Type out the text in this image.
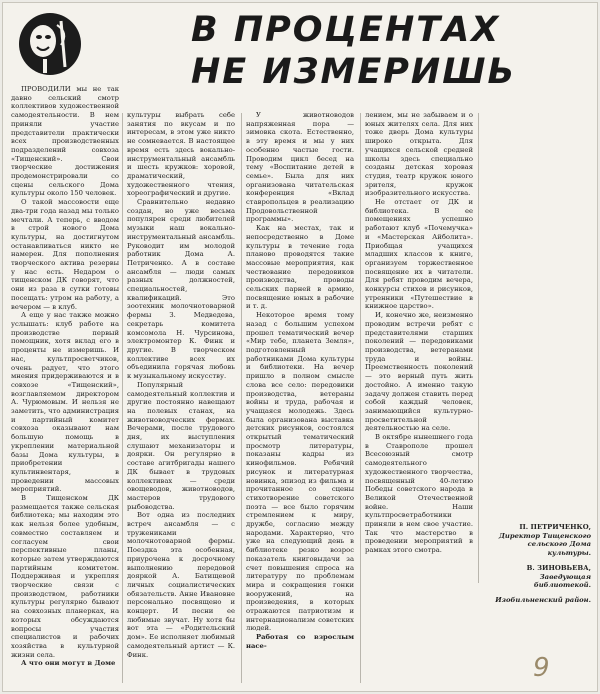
В ПРОЦЕНТАХ
НЕ ИЗМЕРИШЬ

ПРОВОДИЛИ мы не так давно сельский смотр коллективов художественной самодеятельности. В нем приняли участие представители практически всех производственных подразделений совхоза «Тищенский». Свои творческие достижения продемонстрировали со сцены сельского Дома культуры около 150 человек.

О такой массовости еще два-три года назад мы только мечтали. А теперь, с вводом в строй нового Дома культуры, на достигнутом останавливаться никто не намерен. Для пополнения творческого актива резервы у нас есть. Недаром о тищенском ДК говорят, что они из раза в сутки готовы посещать: утром на работу, а вечером — в клуб.

А еще у нас также можно услышать: клуб работе на производстве первый помощник, хотя вклад его в проценты не измеришь. И нас, культпросветчиков, очень радует, что этого мнения придерживаются и в совхозе «Тищенский», возглавляемом директором А. Чурюмовым. И нельзя не заметить, что администрация и партийный комитет совхоза оказывают нам большую помощь в укреплении материальной базы Дома культуры, в приобретении культинвентаря, в проведении массовых мероприятий.

В Тищенском ДК размещается также сельская библиотека; мы находим это как нельзя более удобным, совместно составляем и согласуем свои перспективные планы, которые затем утверждаются партийным комитетом. Поддерживая и укрепляя творческие связи с производством, работники культуры регулярно бывают на совхозных планерках, на которых обсуждаются вопросы участия специалистов и рабочих хозяйства в культурной жизни села.

А что они могут в Доме

культуры выбрать себе занятия по вкусам и по интересам, в этом уже никто не сомневается. В настоящее время есть здесь вокально-инструментальный ансамбль и шесть кружков: хоровой, драматический, художественного чтения, хореографический и другие.

Сравнительно недавно создан, но уже весьма популярен среди любителей музыки наш вокально-инструментальный ансамбль. Руководит им молодой работник Дома А. Петриченко. А в составе ансамбля — люди самых разных должностей, специальностей, квалификаций. Это зоотехник молочнотоварной фермы З. Медведева, секретарь комитета комсомола Н. Чурсинова, электромонтер К. Финк и другие. В творческом коллективе всех их объединила горячая любовь к музыкальному искусству.

Популярный самодеятельный коллектив и другие постоянно навещают на полевых станах, на животноводческих фермах. Вечерами, после трудового дня, их выступления слушают механизаторы и доярки. Он регулярно в составе агитбригады нашего ДК бывает в трудовых коллективах — среди овощеводов, животноводов, мастеров трудового рыбоводства.

Вот одна из последних встреч ансамбля — с тружениками молочнотоварной фермы. Поездка эта особенная, приурочена к досрочному выполнению передовой дояркой А. Батищевой личных социалистических обязательств. Анне Ивановне персонально посвящено и концерт. И песни ее любимые звучат. Ну хотя бы вот эта — «Родительский дом». Ее исполняет любимый самодеятельный артист — К. Финк.

У животноводов напряженная пора — зимовка скота. Естественно, в эту время и мы у них особенно частые гости. Проводим цикл бесед на тему «Воспитание детей в семье». Была для них организована читательская конференция «Вклад ставропольцев в реализацию Продовольственной программы».

Как на местах, так и непосредственно в Доме культуры в течение года планово проводятся такие массовые мероприятия, как чествование передовиков производства, проводы сельских парней в армию, посвящение юных в рабочие и т. д.

Некоторое время тому назад с большим успехом прошел тематический вечер «Мир тебе, планета Земля», подготовленный работниками Дома культуры и библиотеки. На вечер пришло в полном смысле слова все село: передовики производства, ветераны войны и труда, рабочая и учащаяся молодежь. Здесь была организована выставка детских рисунков, состоялся открытый тематический просмотр литературы, показаны кадры из кинофильмов. Ребячий рисунок и литературная новинка, эпизод из фильма и прочитанное со сцены стихотворение советского поэта — все было горячим стремлением к миру, дружбе, согласию между народами. Характерно, что уже на следующий день в библиотеке резко возрос показатель книговыдачи за счет повышения спроса на литературу по проблемам мира и сокращения гонки вооружений, на произведения, в которых отражаются патриотизм и интернационализм советских людей.

Работая со взрослым насе-

лением, мы не забываем и о юных жителях села. Для них тоже дверь Дома культуры широко открыта. Для учащихся сельской средней школы здесь специально созданы детская хоровая студия, театр кружок юного зрителя, кружок изобразительного искусства.

Не отстает от ДК и библиотека. В ее помещениях успешно работают клуб «Почемучка» и «Мастерская Айболита». Приобщая учащихся младших классов к книге, организуем торжественное посвящение их в читатели. Для ребят проводим вечера, конкурсы стихов и рисунков, утренники «Путешествие в книжное царство».

И, конечно же, неизменно проводим встречи ребят с представителями старших поколений — передовиками производства, ветеранами труда и войны. Преемственность поколений — это верный путь жить достойно. А именно такую задачу должен ставить перед собой каждый человек, занимающийся культурно-просветительной деятельностью на селе.

В октябре нынешнего года в Ставрополе прошел Всесоюзный смотр самодеятельного художественного творчества, посвященный 40-летию Победы советского народа в Великой Отечественной войне. Наши культпросветработники приняли в нем свое участие. Так что мастерство в проведении мероприятий в рамках этого смотра.

П. ПЕТРИЧЕНКО,

Директор Тищенского сельского Дома культуры.

В. ЗИНОВЬЕВА,

Заведующая библиотекой.

Изобильненский район.

9
